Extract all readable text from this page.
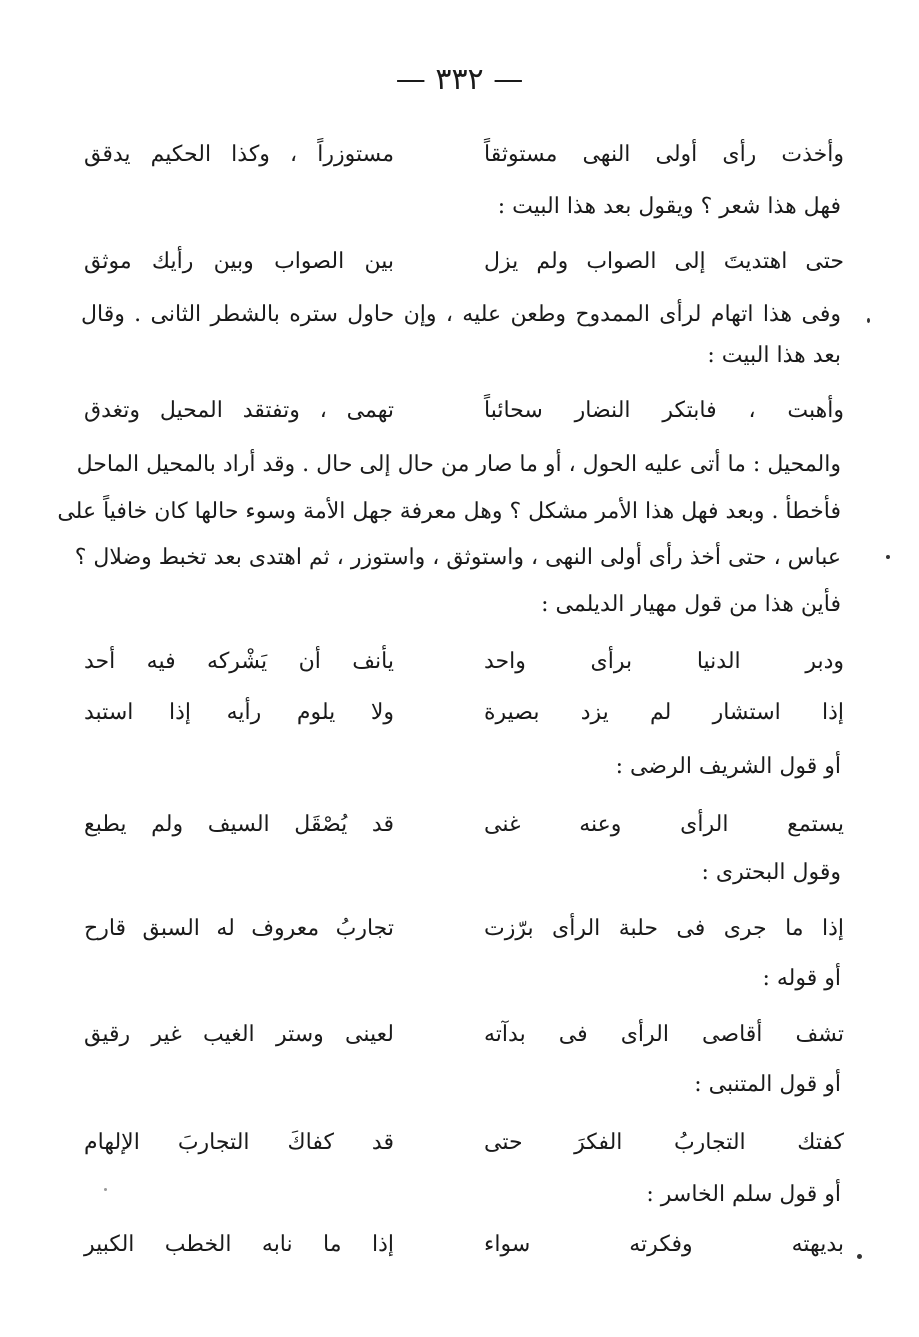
— ٣٣٢ —
وأخذت رأى أولى النهى مستوثقاً
مستوزراً ، وكذا الحكيم يدقق
فهل هذا شعر ؟ ويقول بعد هذا البيت :
حتى اهتديتَ إلى الصواب ولم يزل
بين الصواب وبين رأيك موثق
وفى هذا اتهام لرأى الممدوح وطعن عليه ، وإن حاول ستره بالشطر الثانى . وقال
بعد هذا البيت :
وأهبت ، فابتكر النضار سحائباً
تهمى ، وتفتقد المحيل وتغدق
والمحيل : ما أتى عليه الحول ، أو ما صار من حال إلى حال . وقد أراد بالمحيل الماحل
فأخطأ . وبعد فهل هذا الأمر مشكل ؟ وهل معرفة جهل الأمة وسوء حالها كان خافياً على
عباس ، حتى أخذ رأى أولى النهى ، واستوثق ، واستوزر ، ثم اهتدى بعد تخبط وضلال ؟
فأين هذا من قول مهيار الديلمى :
ودبر الدنيا برأى واحد
يأنف أن يَشْركه فيه أحد
إذا استشار لم يزد بصيرة
ولا يلوم رأيه إذا استبد
أو قول الشريف الرضى :
يستمع الرأى وعنه غنى
قد يُصْقَل السيف ولم يطبع
وقول البحترى :
إذا ما جرى فى حلبة الرأى برّزت
تجاربُ معروف له السبق قارح
أو قوله :
تشف أقاصى الرأى فى بدآته
لعينى وستر الغيب غير رقيق
أو قول المتنبى :
كفتك التجاربُ الفكرَ حتى
قد كفاكَ التجاربَ الإلهام
أو قول سلم الخاسر :
بديهته وفكرته سواء
إذا ما نابه الخطب الكبير
